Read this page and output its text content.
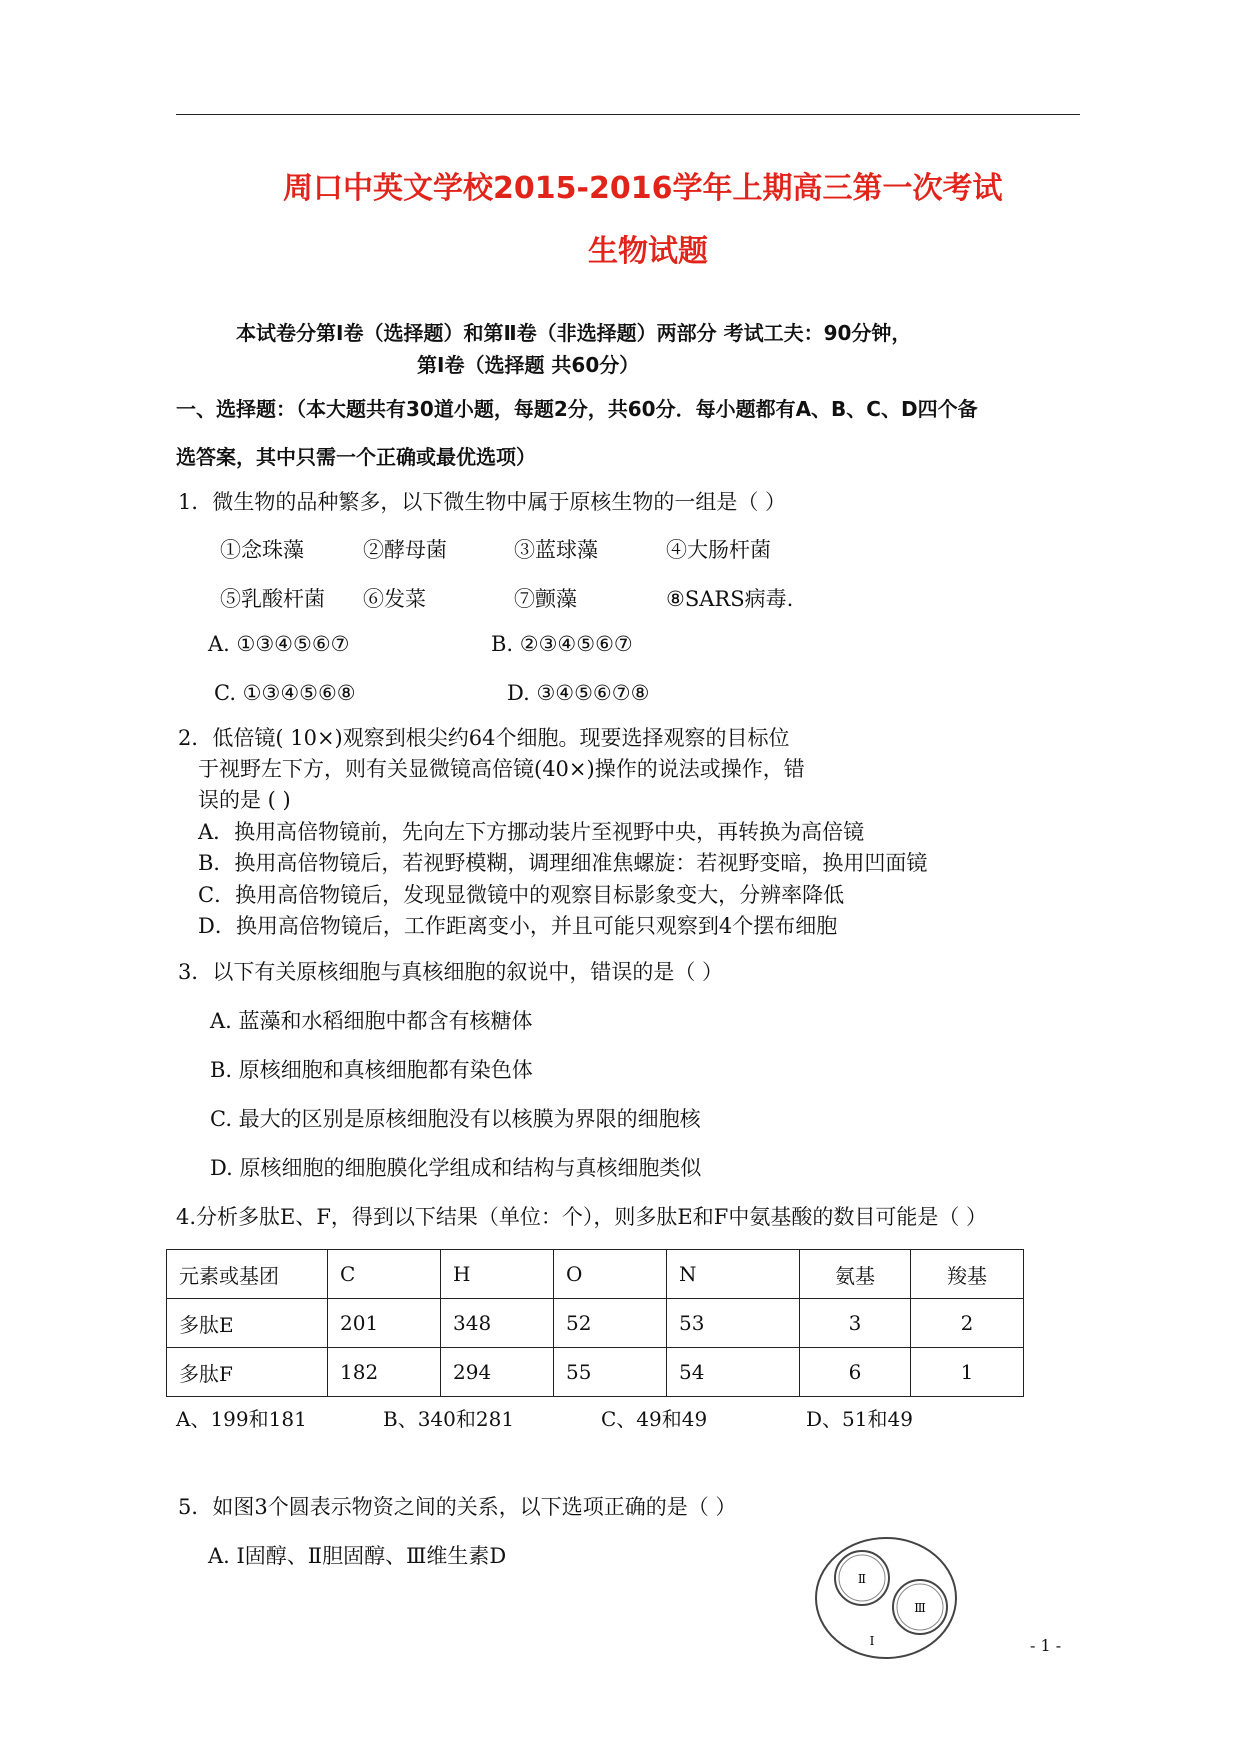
周口中英文学校2015-2016学年上期高三第一次考试
生物试题
本试卷分第Ⅰ卷（选择题）和第Ⅱ卷（非选择题）两部分 考试工夫：90分钟，
第Ⅰ卷（选择题 共60分）
一、选择题：（本大题共有30道小题，每题2分，共60分．每小题都有A、B、C、D四个备
选答案，其中只需一个正确或最优选项）
1．微生物的品种繁多，以下微生物中属于原核生物的一组是（ ）
①念珠藻	②酵母菌	③蓝球藻	④大肠杆菌
⑤乳酸杆菌 ⑥发菜	⑦颤藻	⑧SARS病毒.
A. ①③④⑤⑥⑦	B. ②③④⑤⑥⑦
C. ①③④⑤⑥⑧	D. ③④⑤⑥⑦⑧
2．低倍镜( 10×)观察到根尖约64个细胞。现要选择观察的目标位
于视野左下方，则有关显微镜高倍镜(40×)操作的说法或操作，错
误的是 ( )
A．换用高倍物镜前，先向左下方挪动装片至视野中央，再转换为高倍镜
B．换用高倍物镜后，若视野模糊，调理细准焦螺旋：若视野变暗，换用凹面镜
C．换用高倍物镜后，发现显微镜中的观察目标影象变大，分辨率降低
D．换用高倍物镜后，工作距离变小，并且可能只观察到4个摆布细胞
3．以下有关原核细胞与真核细胞的叙说中，错误的是（ ）
A. 蓝藻和水稻细胞中都含有核糖体
B. 原核细胞和真核细胞都有染色体
C. 最大的区别是原核细胞没有以核膜为界限的细胞核
D. 原核细胞的细胞膜化学组成和结构与真核细胞类似
4.分析多肽E、F，得到以下结果（单位：个），则多肽E和F中氨基酸的数目可能是（ ）
元素或基团	C	H	O	N	氨基	羧基
多肽E	201	348	52	53	3	2
多肽F	182	294	55	54	6	1
A、199和181	B、340和281	C、49和49	D、51和49
5．如图3个圆表示物资之间的关系，以下选项正确的是（ ）
A. Ⅰ固醇、Ⅱ胆固醇、Ⅲ维生素D
Ⅱ
Ⅲ
Ⅰ	- 1 -
